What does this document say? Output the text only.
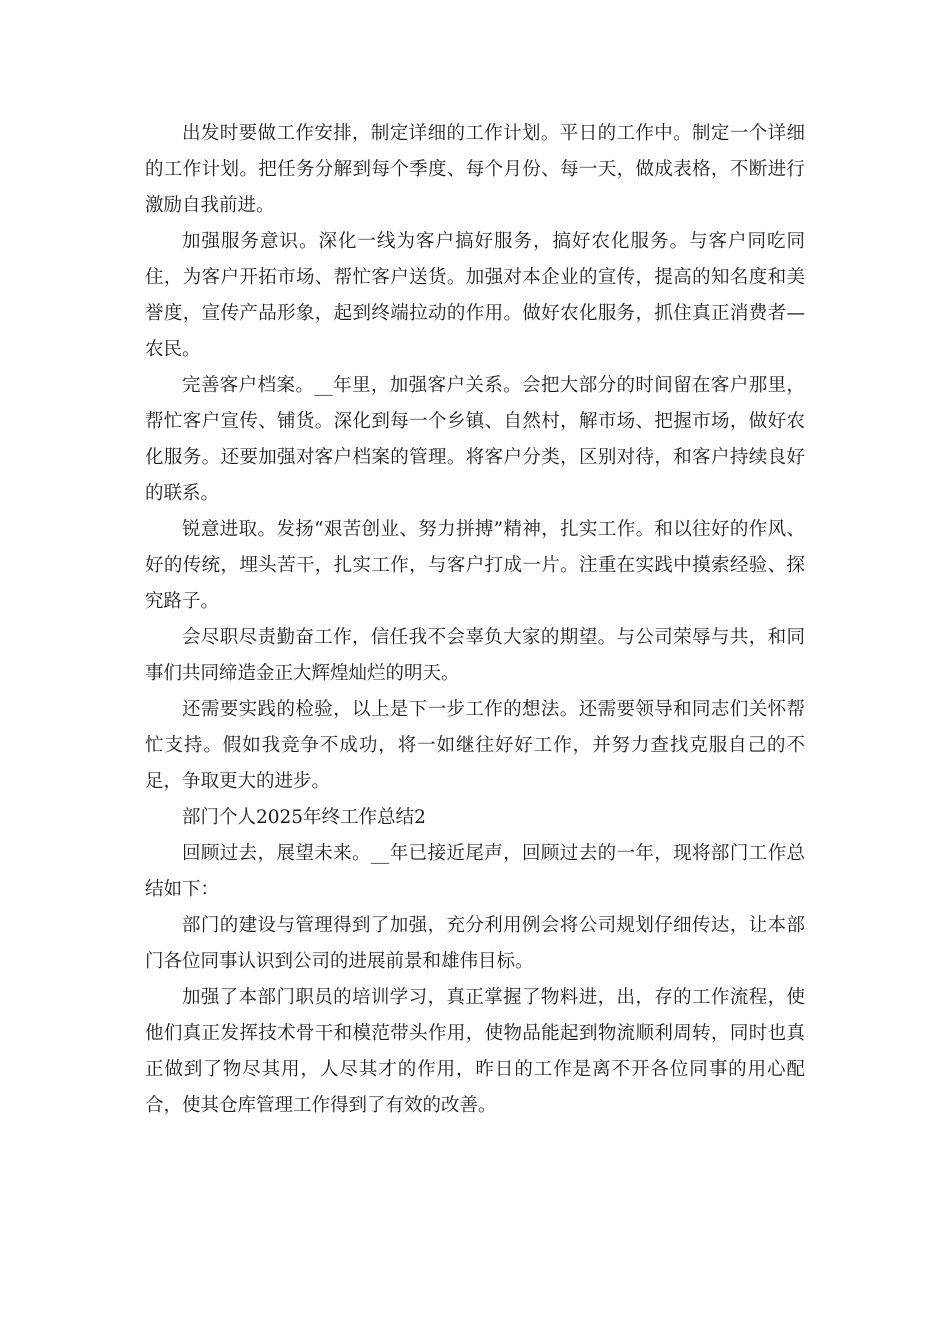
出发时要做工作安排，制定详细的工作计划。平日的工作中。制定一个详细的工作计划。把任务分解到每个季度、每个月份、每一天，做成表格，不断进行激励自我前进。

加强服务意识。深化一线为客户搞好服务，搞好农化服务。与客户同吃同住，为客户开拓市场、帮忙客户送货。加强对本企业的宣传，提高的知名度和美誉度，宣传产品形象，起到终端拉动的作用。做好农化服务，抓住真正消费者—农民。

完善客户档案。__年里，加强客户关系。会把大部分的时间留在客户那里，帮忙客户宣传、铺货。深化到每一个乡镇、自然村，解市场、把握市场，做好农化服务。还要加强对客户档案的管理。将客户分类，区别对待，和客户持续良好的联系。

锐意进取。发扬“艰苦创业、努力拼搏”精神，扎实工作。和以往好的作风、好的传统，埋头苦干，扎实工作，与客户打成一片。注重在实践中摸索经验、探究路子。

会尽职尽责勤奋工作，信任我不会辜负大家的期望。与公司荣辱与共，和同事们共同缔造金正大辉煌灿烂的明天。

还需要实践的检验，以上是下一步工作的想法。还需要领导和同志们关怀帮忙支持。假如我竞争不成功，将一如继往好好工作，并努力查找克服自己的不足，争取更大的进步。

部门个人2025年终工作总结2

回顾过去，展望未来。__年已接近尾声，回顾过去的一年，现将部门工作总结如下：

部门的建设与管理得到了加强，充分利用例会将公司规划仔细传达，让本部门各位同事认识到公司的进展前景和雄伟目标。

加强了本部门职员的培训学习，真正掌握了物料进，出，存的工作流程，使他们真正发挥技术骨干和模范带头作用，使物品能起到物流顺利周转，同时也真正做到了物尽其用，人尽其才的作用，昨日的工作是离不开各位同事的用心配合，使其仓库管理工作得到了有效的改善。
